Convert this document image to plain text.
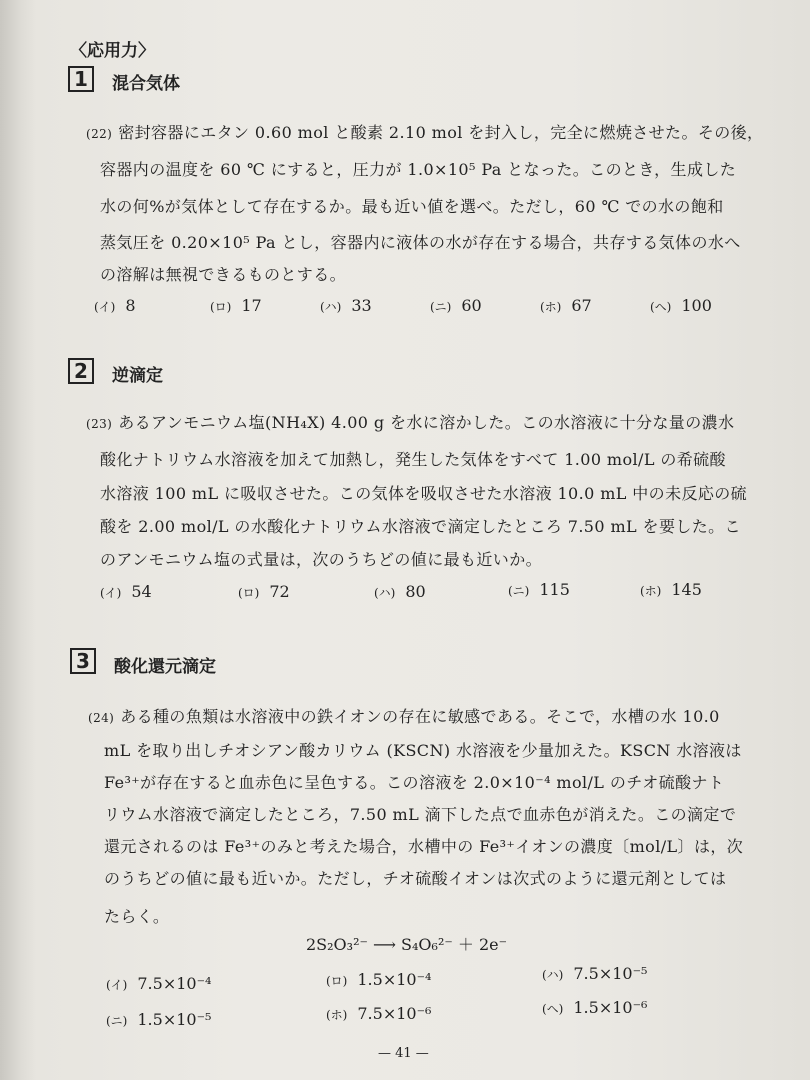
〈応用力〉
1	混合気体
(22) 密封容器にエタン 0.60 mol と酸素 2.10 mol を封入し，完全に燃焼させた。その後，
容器内の温度を 60 ℃ にすると，圧力が 1.0×10⁵ Pa となった。このとき，生成した
水の何%が気体として存在するか。最も近い値を選べ。ただし，60 ℃ での水の飽和
蒸気圧を 0.20×10⁵ Pa とし，容器内に液体の水が存在する場合，共存する気体の水へ
の溶解は無視できるものとする。
(イ) 8	(ロ) 17	(ハ) 33	(ニ) 60	(ホ) 67	(ヘ) 100
2	逆滴定
(23) あるアンモニウム塩(NH₄X) 4.00 g を水に溶かした。この水溶液に十分な量の濃水
酸化ナトリウム水溶液を加えて加熱し，発生した気体をすべて 1.00 mol/L の希硫酸
水溶液 100 mL に吸収させた。この気体を吸収させた水溶液 10.0 mL 中の未反応の硫
酸を 2.00 mol/L の水酸化ナトリウム水溶液で滴定したところ 7.50 mL を要した。こ
のアンモニウム塩の式量は，次のうちどの値に最も近いか。
(イ) 54	(ロ) 72	(ハ) 80	(ニ) 115	(ホ) 145
3	酸化還元滴定
(24) ある種の魚類は水溶液中の鉄イオンの存在に敏感である。そこで，水槽の水 10.0
mL を取り出しチオシアン酸カリウム (KSCN) 水溶液を少量加えた。KSCN 水溶液は
Fe³⁺が存在すると血赤色に呈色する。この溶液を 2.0×10⁻⁴ mol/L のチオ硫酸ナト
リウム水溶液で滴定したところ，7.50 mL 滴下した点で血赤色が消えた。この滴定で
還元されるのは Fe³⁺のみと考えた場合，水槽中の Fe³⁺イオンの濃度〔mol/L〕は，次
のうちどの値に最も近いか。ただし，チオ硫酸イオンは次式のように還元剤としては
たらく。
2S₂O₃²⁻ ⟶ S₄O₆²⁻ ＋ 2e⁻
(イ) 7.5×10⁻⁴	(ロ) 1.5×10⁻⁴	(ハ) 7.5×10⁻⁵
(ニ) 1.5×10⁻⁵	(ホ) 7.5×10⁻⁶	(ヘ) 1.5×10⁻⁶
— 41 —
